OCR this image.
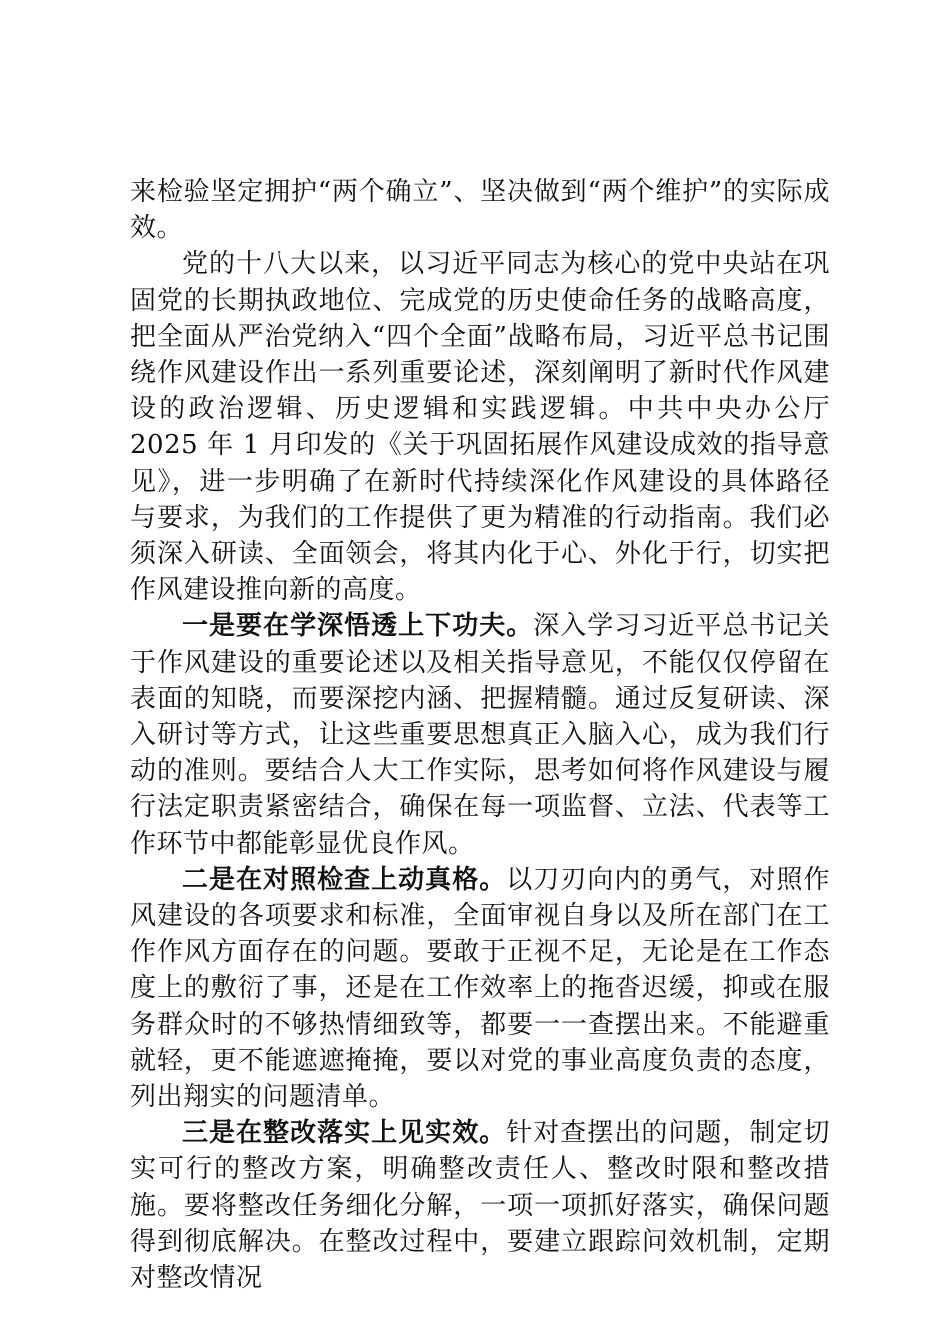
来检验坚定拥护“两个确立”、坚决做到“两个维护”的实际成效。

党的十八大以来，以习近平同志为核心的党中央站在巩固党的长期执政地位、完成党的历史使命任务的战略高度，把全面从严治党纳入“四个全面”战略布局，习近平总书记围绕作风建设作出一系列重要论述，深刻阐明了新时代作风建设的政治逻辑、历史逻辑和实践逻辑。中共中央办公厅 2025 年 1 月印发的《关于巩固拓展作风建设成效的指导意见》，进一步明确了在新时代持续深化作风建设的具体路径与要求，为我们的工作提供了更为精准的行动指南。我们必须深入研读、全面领会，将其内化于心、外化于行，切实把作风建设推向新的高度。

一是要在学深悟透上下功夫。深入学习习近平总书记关于作风建设的重要论述以及相关指导意见，不能仅仅停留在表面的知晓，而要深挖内涵、把握精髓。通过反复研读、深入研讨等方式，让这些重要思想真正入脑入心，成为我们行动的准则。要结合人大工作实际，思考如何将作风建设与履行法定职责紧密结合，确保在每一项监督、立法、代表等工作环节中都能彰显优良作风。

二是在对照检查上动真格。以刀刃向内的勇气，对照作风建设的各项要求和标准，全面审视自身以及所在部门在工作作风方面存在的问题。要敢于正视不足，无论是在工作态度上的敷衍了事，还是在工作效率上的拖沓迟缓，抑或在服务群众时的不够热情细致等，都要一一查摆出来。不能避重就轻，更不能遮遮掩掩，要以对党的事业高度负责的态度，列出翔实的问题清单。

三是在整改落实上见实效。针对查摆出的问题，制定切实可行的整改方案，明确整改责任人、整改时限和整改措施。要将整改任务细化分解，一项一项抓好落实，确保问题得到彻底解决。在整改过程中，要建立跟踪问效机制，定期对整改情况
